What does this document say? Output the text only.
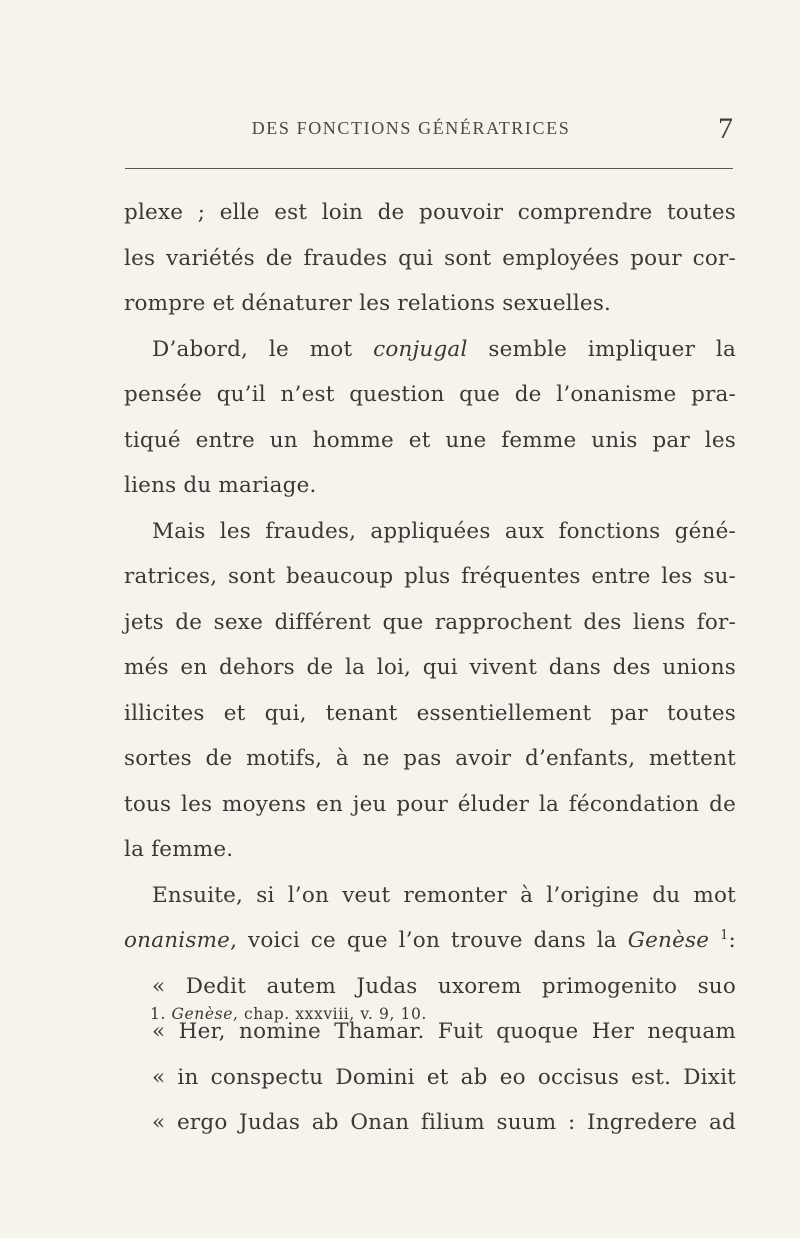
DES FONCTIONS GÉNÉRATRICES	7
plexe ; elle est loin de pouvoir comprendre toutes
les variétés de fraudes qui sont employées pour cor-
rompre et dénaturer les relations sexuelles.
D’abord, le mot conjugal semble impliquer la
pensée qu’il n’est question que de l’onanisme pra-
tiqué entre un homme et une femme unis par les
liens du mariage.
Mais les fraudes, appliquées aux fonctions géné-
ratrices, sont beaucoup plus fréquentes entre les su-
jets de sexe différent que rapprochent des liens for-
més en dehors de la loi, qui vivent dans des unions
illicites et qui, tenant essentiellement par toutes
sortes de motifs, à ne pas avoir d’enfants, mettent
tous les moyens en jeu pour éluder la fécondation de
la femme.
Ensuite, si l’on veut remonter à l’origine du mot
onanisme, voici ce que l’on trouve dans la Genèse $^1$:
« Dedit autem Judas uxorem primogenito suo
« Her, nomine Thamar. Fuit quoque Her nequam
« in conspectu Domini et ab eo occisus est. Dixit
« ergo Judas ab Onan filium suum : Ingredere ad
1. Genèse, chap. xxxviii, v. 9, 10.
